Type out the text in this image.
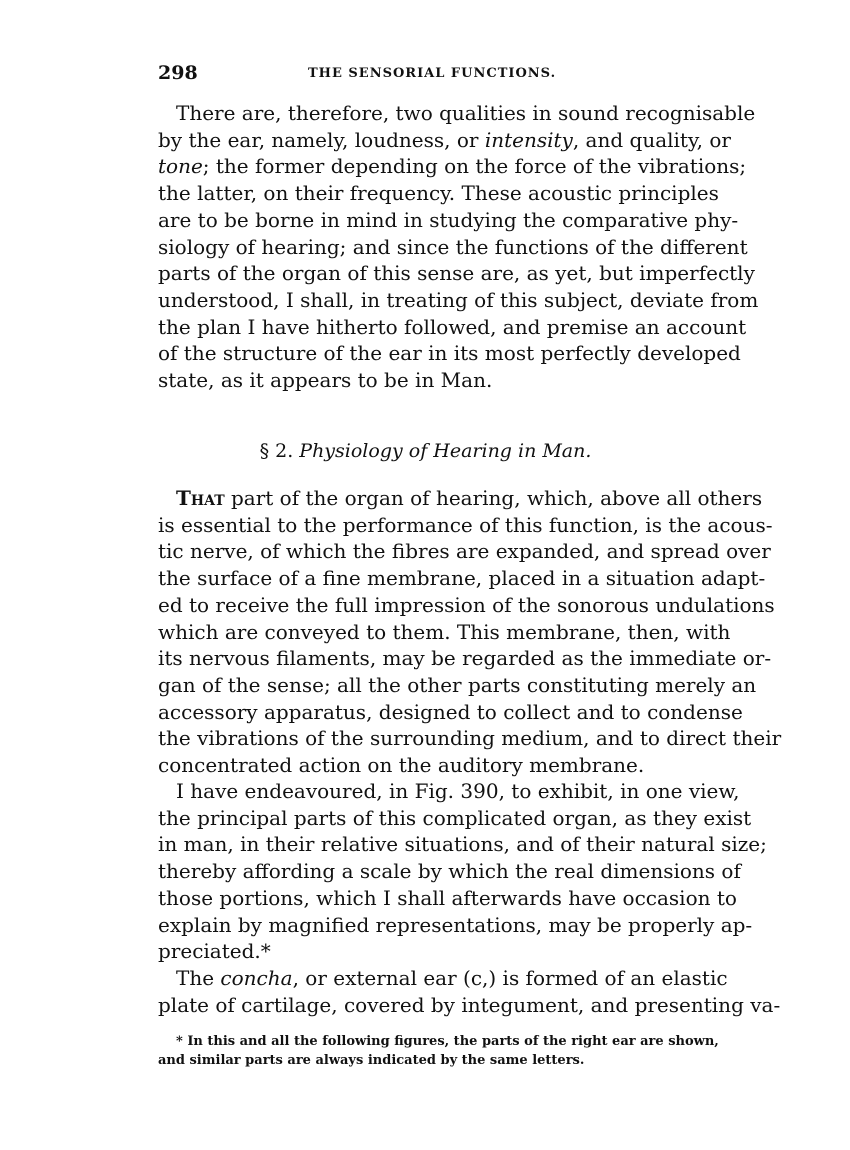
298	THE SENSORIAL FUNCTIONS.

There are, therefore, two qualities in sound recognisable
by the ear, namely, loudness, or intensity, and quality, or
tone; the former depending on the force of the vibrations;
the latter, on their frequency. These acoustic principles
are to be borne in mind in studying the comparative phy-
siology of hearing; and since the functions of the different
parts of the organ of this sense are, as yet, but imperfectly
understood, I shall, in treating of this subject, deviate from
the plan I have hitherto followed, and premise an account
of the structure of the ear in its most perfectly developed
state, as it appears to be in Man.

§ 2. Physiology of Hearing in Man.

That part of the organ of hearing, which, above all others
is essential to the performance of this function, is the acous-
tic nerve, of which the fibres are expanded, and spread over
the surface of a fine membrane, placed in a situation adapt-
ed to receive the full impression of the sonorous undulations
which are conveyed to them. This membrane, then, with
its nervous filaments, may be regarded as the immediate or-
gan of the sense; all the other parts constituting merely an
accessory apparatus, designed to collect and to condense
the vibrations of the surrounding medium, and to direct their
concentrated action on the auditory membrane.

I have endeavoured, in Fig. 390, to exhibit, in one view,
the principal parts of this complicated organ, as they exist
in man, in their relative situations, and of their natural size;
thereby affording a scale by which the real dimensions of
those portions, which I shall afterwards have occasion to
explain by magnified representations, may be properly ap-
preciated.*

The concha, or external ear (c,) is formed of an elastic
plate of cartilage, covered by integument, and presenting va-

* In this and all the following figures, the parts of the right ear are shown,
and similar parts are always indicated by the same letters.
